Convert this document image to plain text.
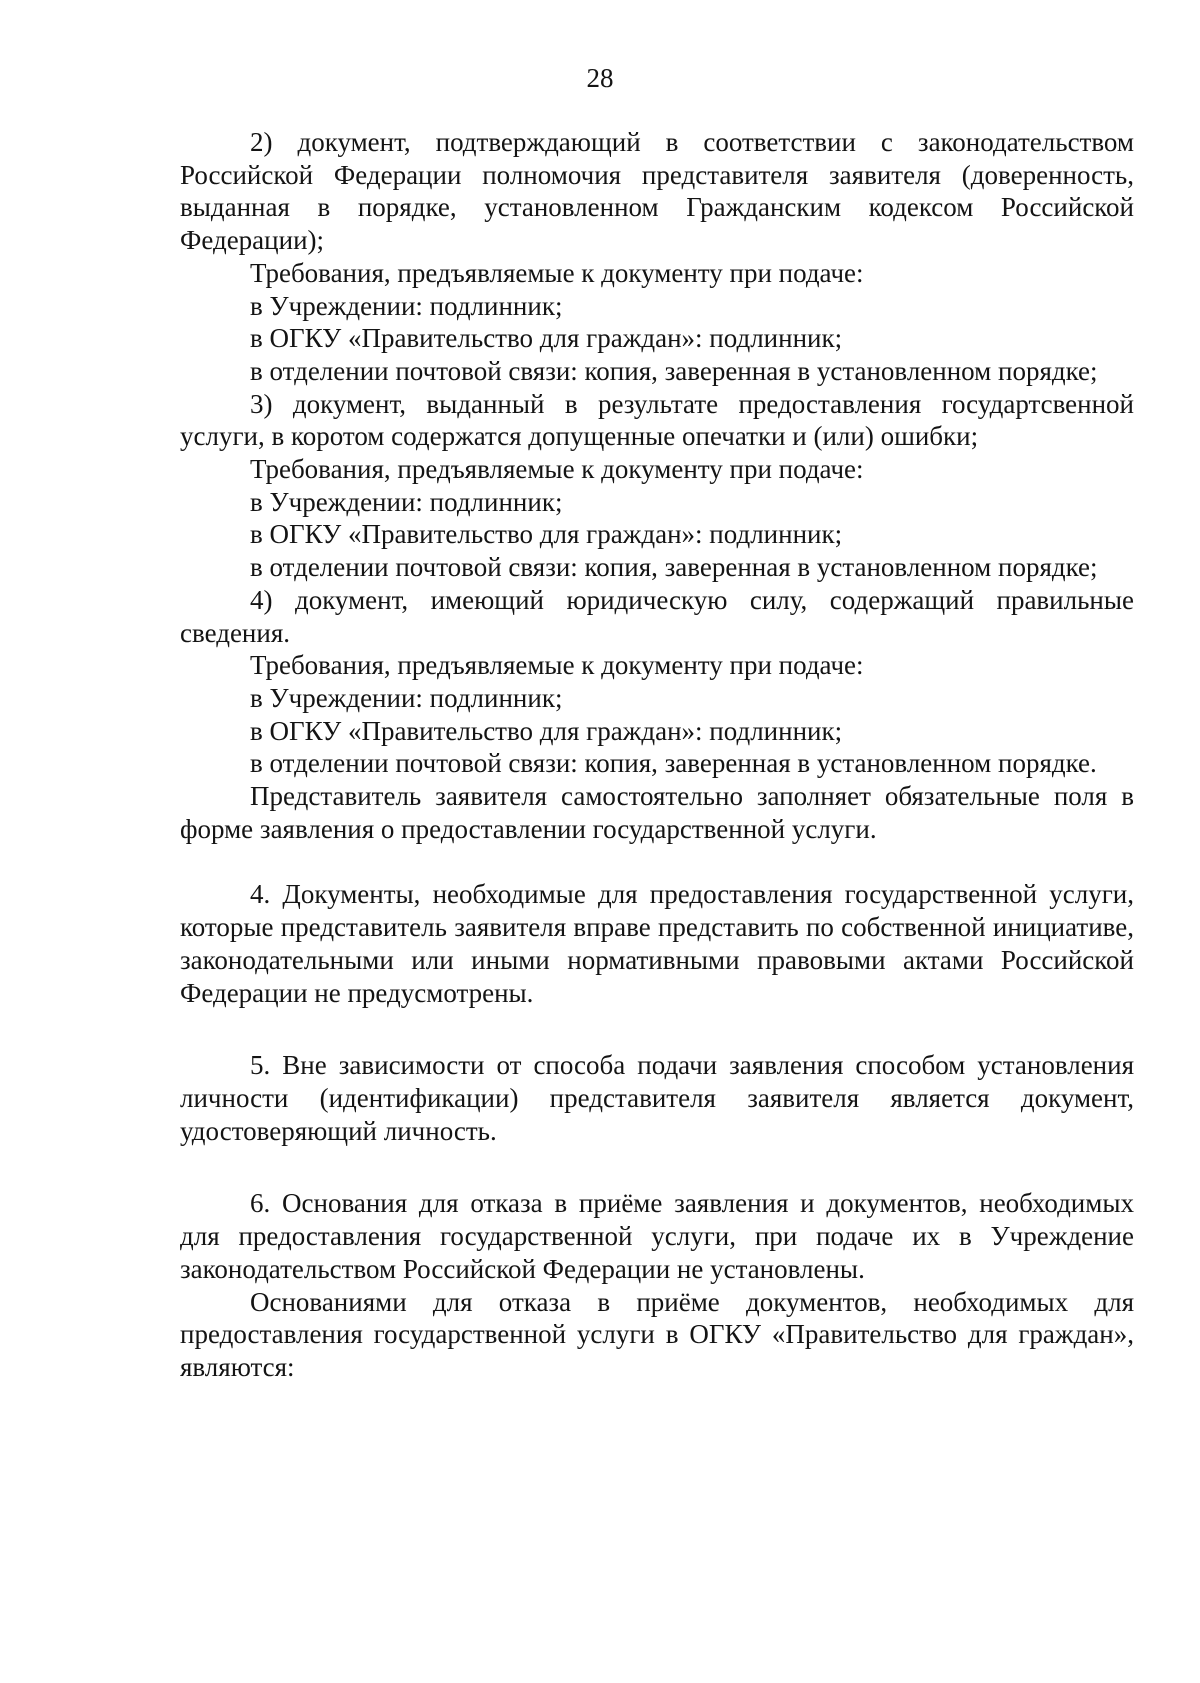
28

2) документ, подтверждающий в соответствии с законодательством Российской Федерации полномочия представителя заявителя (доверенность, выданная в порядке, установленном Гражданским кодексом Российской Федерации);

Требования, предъявляемые к документу при подаче:

в Учреждении: подлинник;

в ОГКУ «Правительство для граждан»: подлинник;

в отделении почтовой связи: копия, заверенная в установленном порядке;

3) документ, выданный в результате предоставления государтсвенной услуги, в коротом содержатся допущенные опечатки и (или) ошибки;

Требования, предъявляемые к документу при подаче:

в Учреждении: подлинник;

в ОГКУ «Правительство для граждан»: подлинник;

в отделении почтовой связи: копия, заверенная в установленном порядке;

4) документ, имеющий юридическую силу, содержащий правильные сведения.

Требования, предъявляемые к документу при подаче:

в Учреждении: подлинник;

в ОГКУ «Правительство для граждан»: подлинник;

в отделении почтовой связи: копия, заверенная в установленном порядке.

Представитель заявителя самостоятельно заполняет обязательные поля в форме заявления о предоставлении государственной услуги.

4. Документы, необходимые для предоставления государственной услуги, которые представитель заявителя вправе представить по собственной инициативе, законодательными или иными нормативными правовыми актами Российской Федерации не предусмотрены.

5. Вне зависимости от способа подачи заявления способом установления личности (идентификации) представителя заявителя является документ, удостоверяющий личность.

6. Основания для отказа в приёме заявления и документов, необходимых для предоставления государственной услуги, при подаче их в Учреждение законодательством Российской Федерации не установлены.

Основаниями для отказа в приёме документов, необходимых для предоставления государственной услуги в ОГКУ «Правительство для граждан», являются:
